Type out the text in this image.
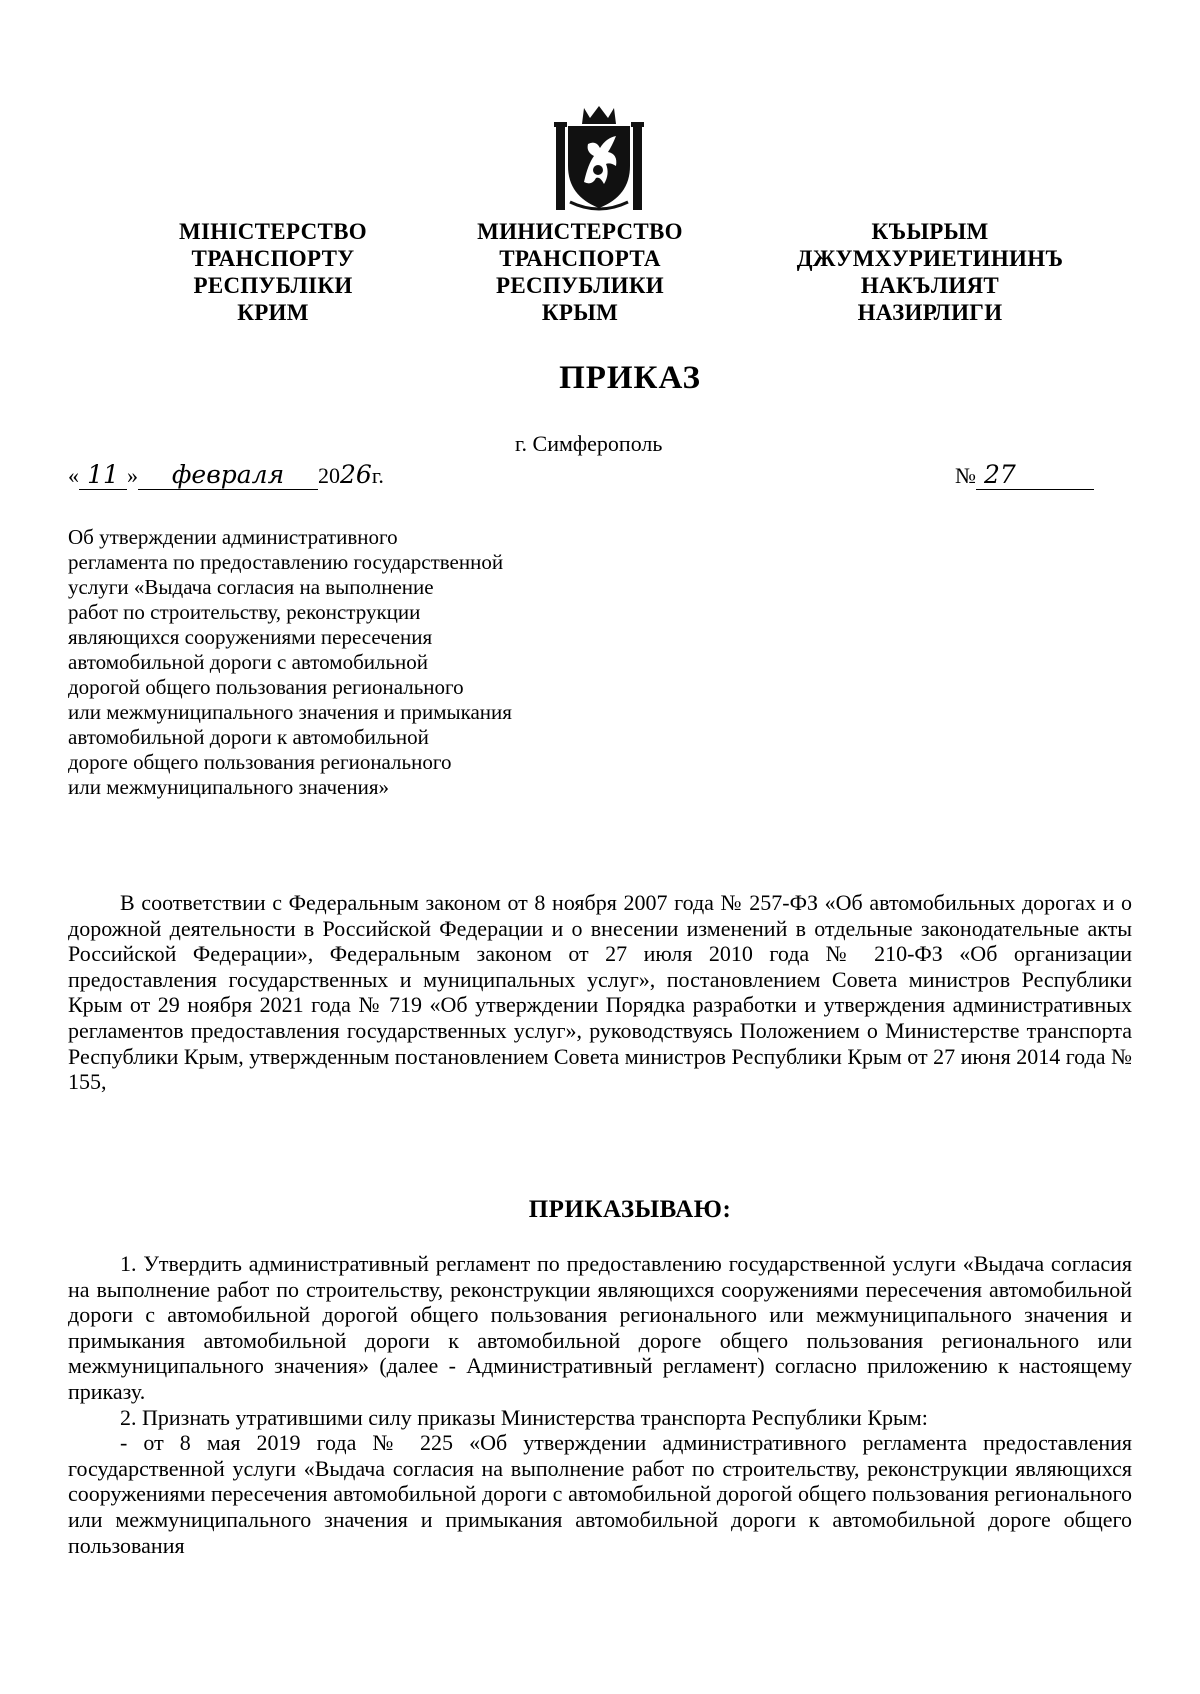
МІНІСТЕРСТВО
ТРАНСПОРТУ
РЕСПУБЛІКИ
КРИМ
МИНИСТЕРСТВО
ТРАНСПОРТА
РЕСПУБЛИКИ
КРЫМ
КЪЫРЫМ
ДЖУМХУРИЕТИНИНЪ
НАКЪЛИЯТ
НАЗИРЛИГИ
ПРИКАЗ
г. Симферополь
« 11 » февраля 2026г.	№ 27
Об утверждении административного
регламента по предоставлению государственной
услуги «Выдача согласия на выполнение
работ по строительству, реконструкции
являющихся сооружениями пересечения
автомобильной дороги с автомобильной
дорогой общего пользования регионального
или межмуниципального значения и примыкания
автомобильной дороги к автомобильной
дороге общего пользования регионального
или межмуниципального значения»

В соответствии с Федеральным законом от 8 ноября 2007 года № 257-ФЗ «Об автомобильных дорогах и о дорожной деятельности в Российской Федерации и о внесении изменений в отдельные законодательные акты Российской Федерации», Федеральным законом от 27 июля 2010 года № 210-ФЗ «Об организации предоставления государственных и муниципальных услуг», постановлением Совета министров Республики Крым от 29 ноября 2021 года № 719 «Об утверждении Порядка разработки и утверждения административных регламентов предоставления государственных услуг», руководствуясь Положением о Министерстве транспорта Республики Крым, утвержденным постановлением Совета министров Республики Крым от 27 июня 2014 года № 155,

ПРИКАЗЫВАЮ:

1. Утвердить административный регламент по предоставлению государственной услуги «Выдача согласия на выполнение работ по строительству, реконструкции являющихся сооружениями пересечения автомобильной дороги с автомобильной дорогой общего пользования регионального или межмуниципального значения и примыкания автомобильной дороги к автомобильной дороге общего пользования регионального или межмуниципального значения» (далее - Административный регламент) согласно приложению к настоящему приказу.

2. Признать утратившими силу приказы Министерства транспорта Республики Крым:

- от 8 мая 2019 года № 225 «Об утверждении административного регламента предоставления государственной услуги «Выдача согласия на выполнение работ по строительству, реконструкции являющихся сооружениями пересечения автомобильной дороги с автомобильной дорогой общего пользования регионального или межмуниципального значения и примыкания автомобильной дороги к автомобильной дороге общего пользования
